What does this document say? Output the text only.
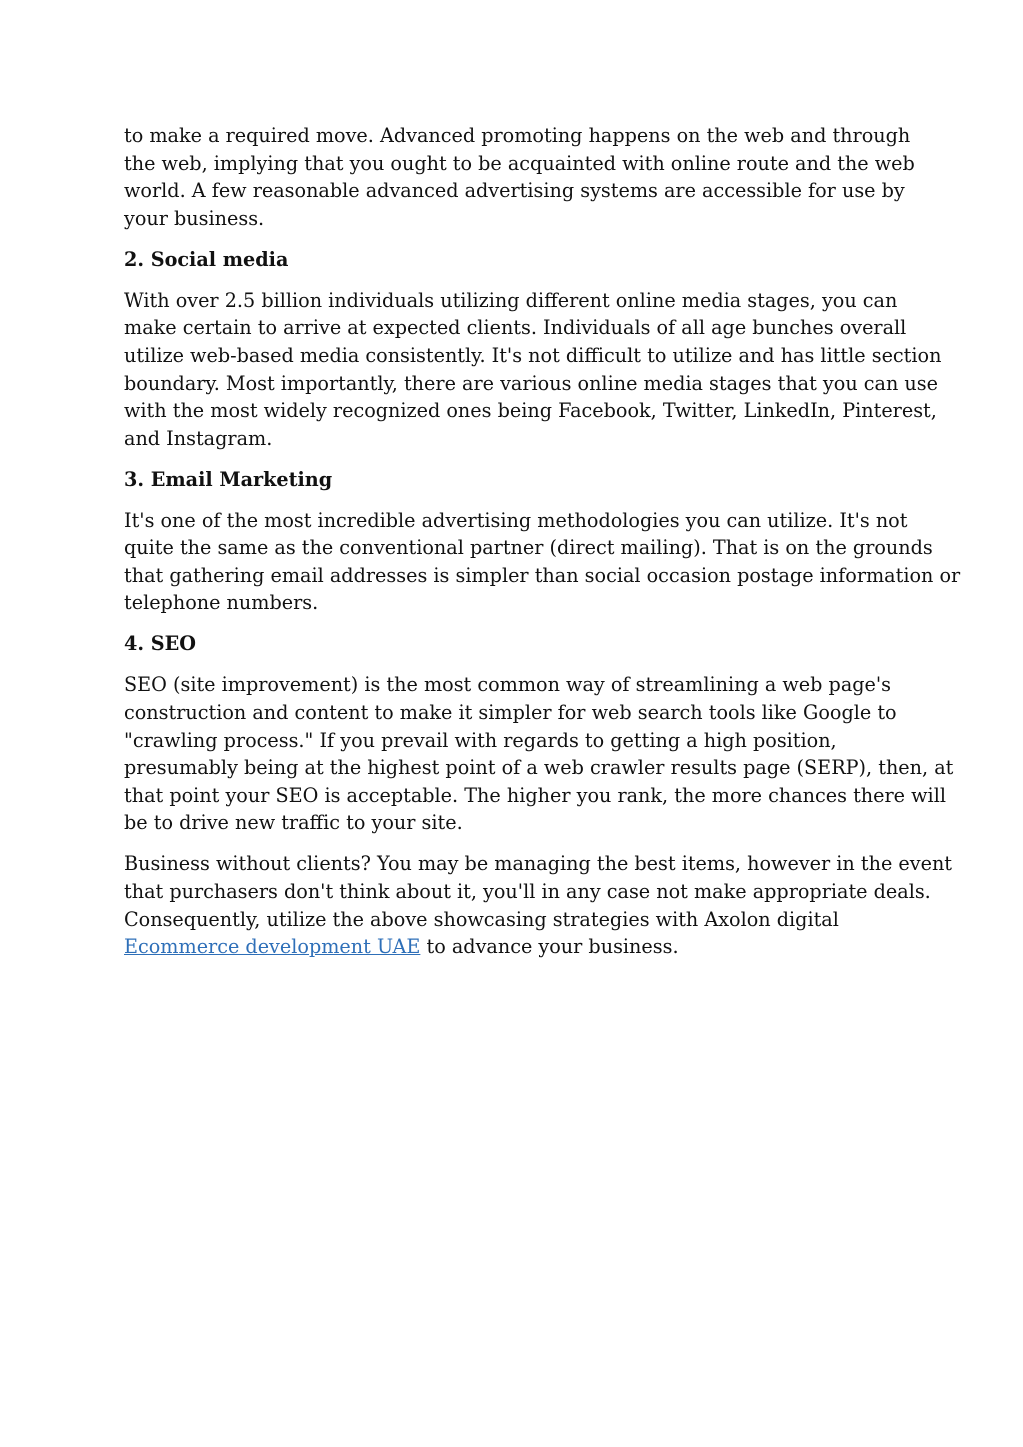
to make a required move. Advanced promoting happens on the web and through
the web, implying that you ought to be acquainted with online route and the web
world. A few reasonable advanced advertising systems are accessible for use by
your business.

2. Social media

With over 2.5 billion individuals utilizing different online media stages, you can
make certain to arrive at expected clients. Individuals of all age bunches overall
utilize web-based media consistently. It's not difficult to utilize and has little section
boundary. Most importantly, there are various online media stages that you can use
with the most widely recognized ones being Facebook, Twitter, LinkedIn, Pinterest,
and Instagram.

3. Email Marketing

It's one of the most incredible advertising methodologies you can utilize. It's not
quite the same as the conventional partner (direct mailing). That is on the grounds
that gathering email addresses is simpler than social occasion postage information or
telephone numbers.

4. SEO

SEO (site improvement) is the most common way of streamlining a web page's
construction and content to make it simpler for web search tools like Google to
"crawling process." If you prevail with regards to getting a high position,
presumably being at the highest point of a web crawler results page (SERP), then, at
that point your SEO is acceptable. The higher you rank, the more chances there will
be to drive new traffic to your site.

Business without clients? You may be managing the best items, however in the event
that purchasers don't think about it, you'll in any case not make appropriate deals.
Consequently, utilize the above showcasing strategies with Axolon digital
Ecommerce development UAE to advance your business.
